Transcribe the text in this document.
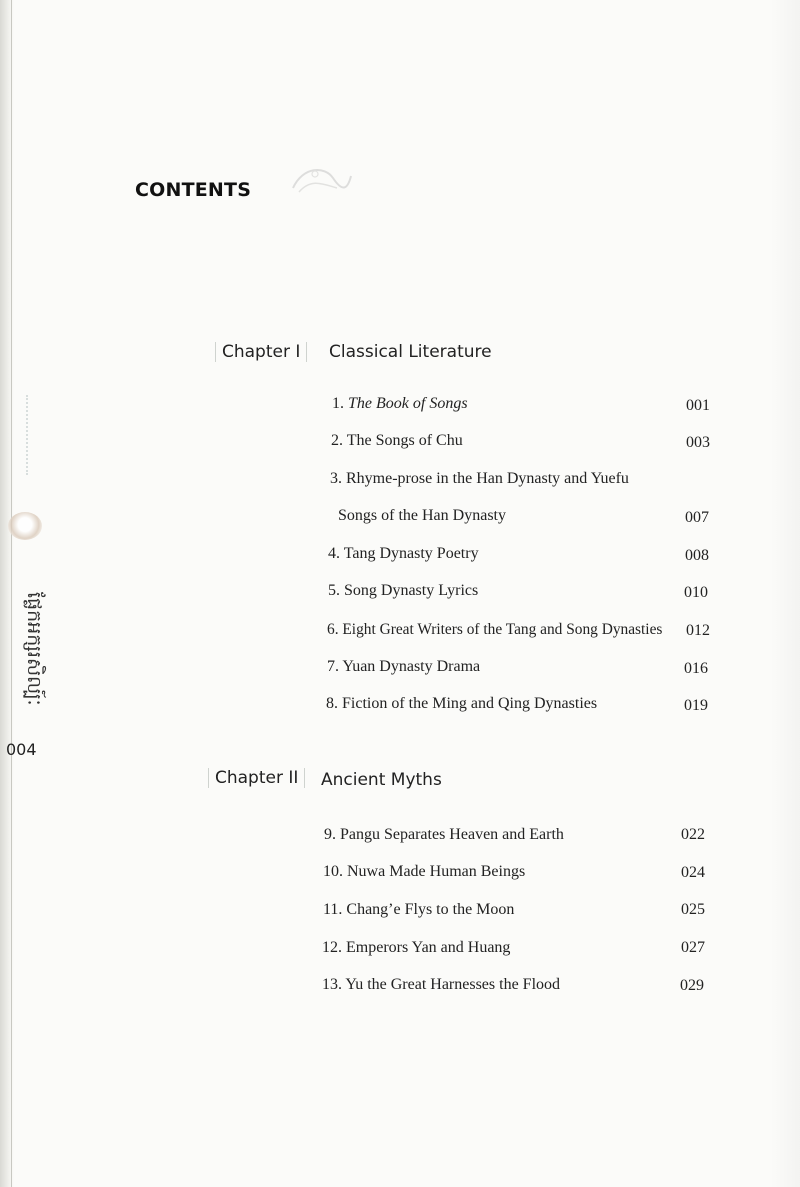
ផ្លែកអក្សរសិល្ប៍ៈ
004
CONTENTS
Chapter I	Classical Literature
1. The Book of Songs	001
2. The Songs of Chu	003
3. Rhyme-prose in the Han Dynasty and Yuefu
Songs of the Han Dynasty	007
4. Tang Dynasty Poetry	008
5. Song Dynasty Lyrics	010
6. Eight Great Writers of the Tang and Song Dynasties 012
7. Yuan Dynasty Drama	016
8. Fiction of the Ming and Qing Dynasties	019
Chapter II	Ancient Myths
9. Pangu Separates Heaven and Earth	022
10. Nuwa Made Human Beings	024
11. Chang’e Flys to the Moon	025
12. Emperors Yan and Huang	027
13. Yu the Great Harnesses the Flood	029
